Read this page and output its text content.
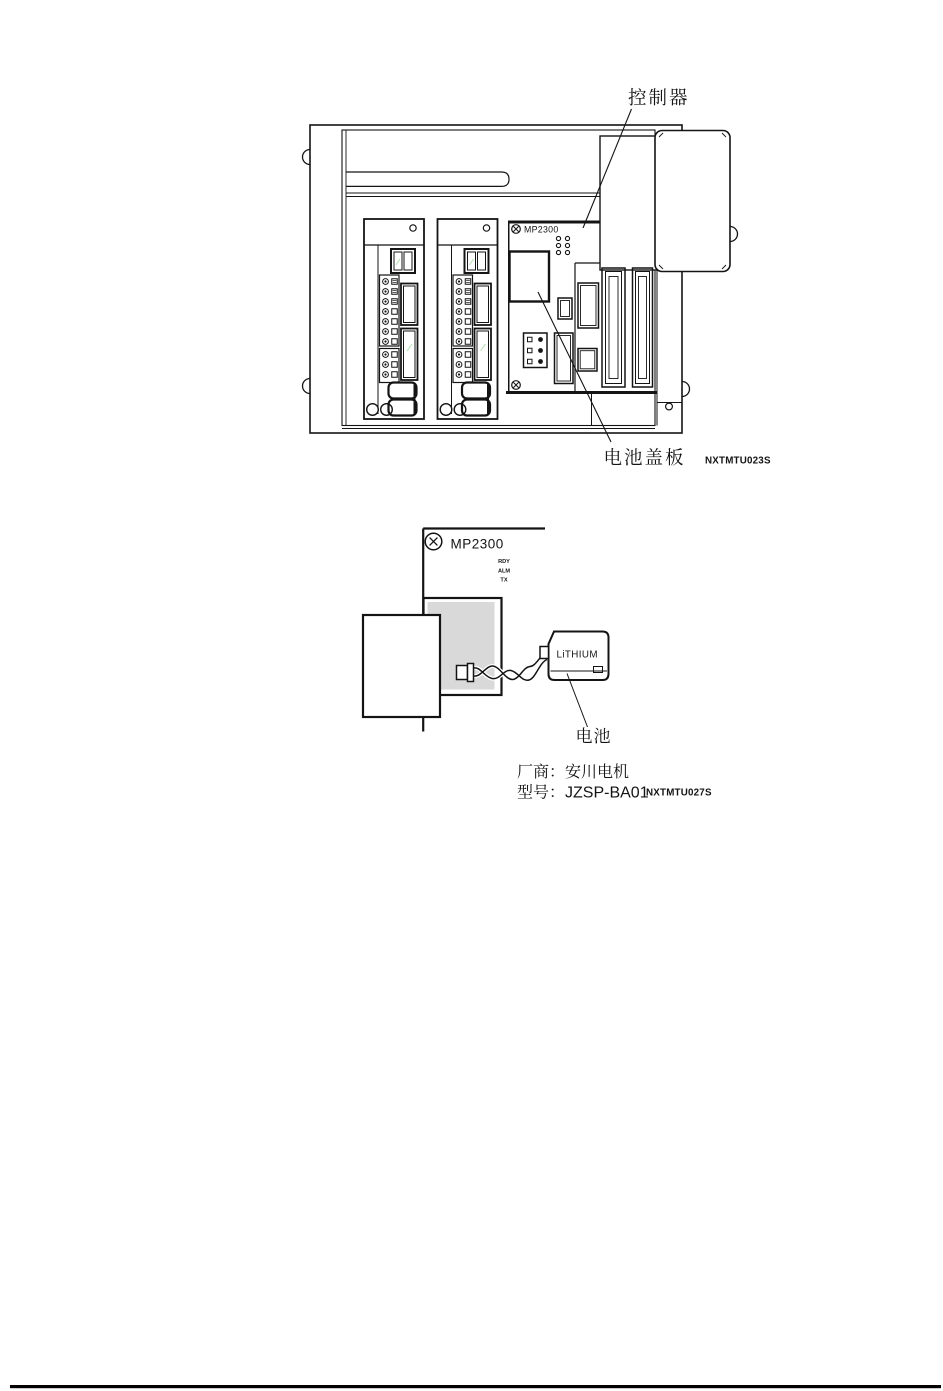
MP2300
控制器
电池盖板 NXTMTU023S
MP2300
RDY
ALM
TX
LiTHIUM
电池
厂商：安川电机
型号：JZSP-BA01
NXTMTU027S
